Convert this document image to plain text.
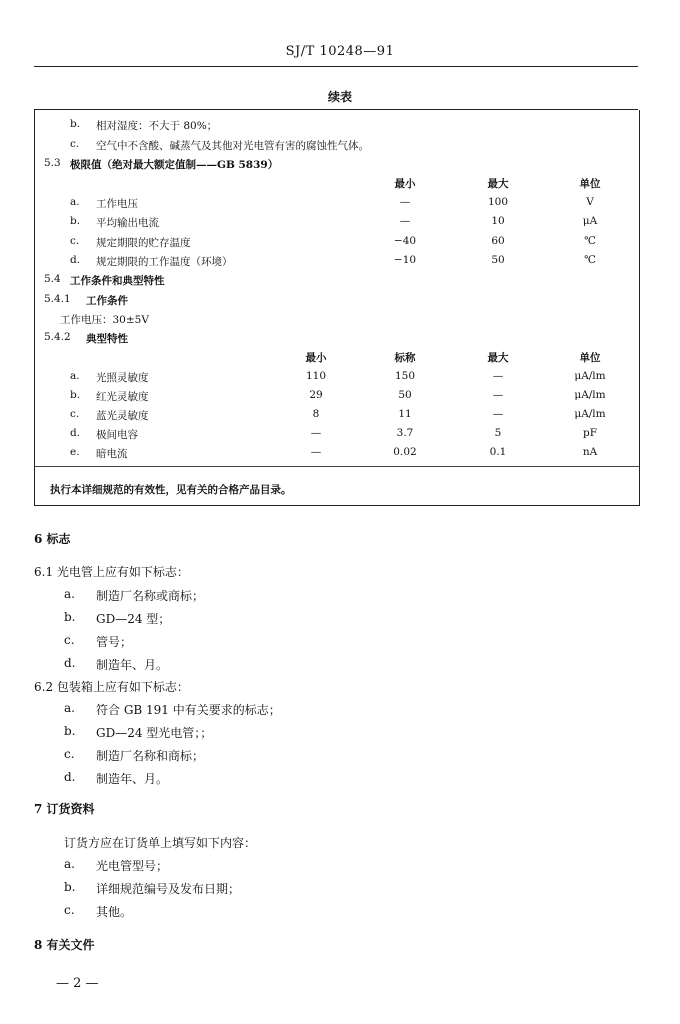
SJ/T 10248—91
续表
b. 相对湿度：不大于 80%；
c. 空气中不含酸、碱蒸气及其他对光电管有害的腐蚀性气体。
5.3 极限值（绝对最大额定值制——GB 5839）
最小	最大	单位
a. 工作电压	—	100	V
b. 平均输出电流	—	10	μA
c. 规定期限的贮存温度	−40	60	℃
d. 规定期限的工作温度（环境）	−10	50	℃
5.4 工作条件和典型特性
5.4.1 工作条件
工作电压：30±5V
5.4.2 典型特性
最小	标称	最大	单位
a. 光照灵敏度	110	150	—	μA/lm
b. 红光灵敏度	29	50	—	μA/lm
c. 蓝光灵敏度	8	11	—	μA/lm
d. 极间电容	—	3.7	5	pF
e. 暗电流	—	0.02	0.1	nA
执行本详细规范的有效性，见有关的合格产品目录。
6 标志
6.1 光电管上应有如下标志：
a. 制造厂名称或商标；
b. GD—24 型；
c. 管号；
d. 制造年、月。
6.2 包装箱上应有如下标志：
a. 符合 GB 191 中有关要求的标志；
b. GD—24 型光电管；；
c. 制造厂名称和商标；
d. 制造年、月。
7 订货资料
订货方应在订货单上填写如下内容：
a. 光电管型号；
b. 详细规范编号及发布日期；
c. 其他。
8 有关文件
— 2 —
